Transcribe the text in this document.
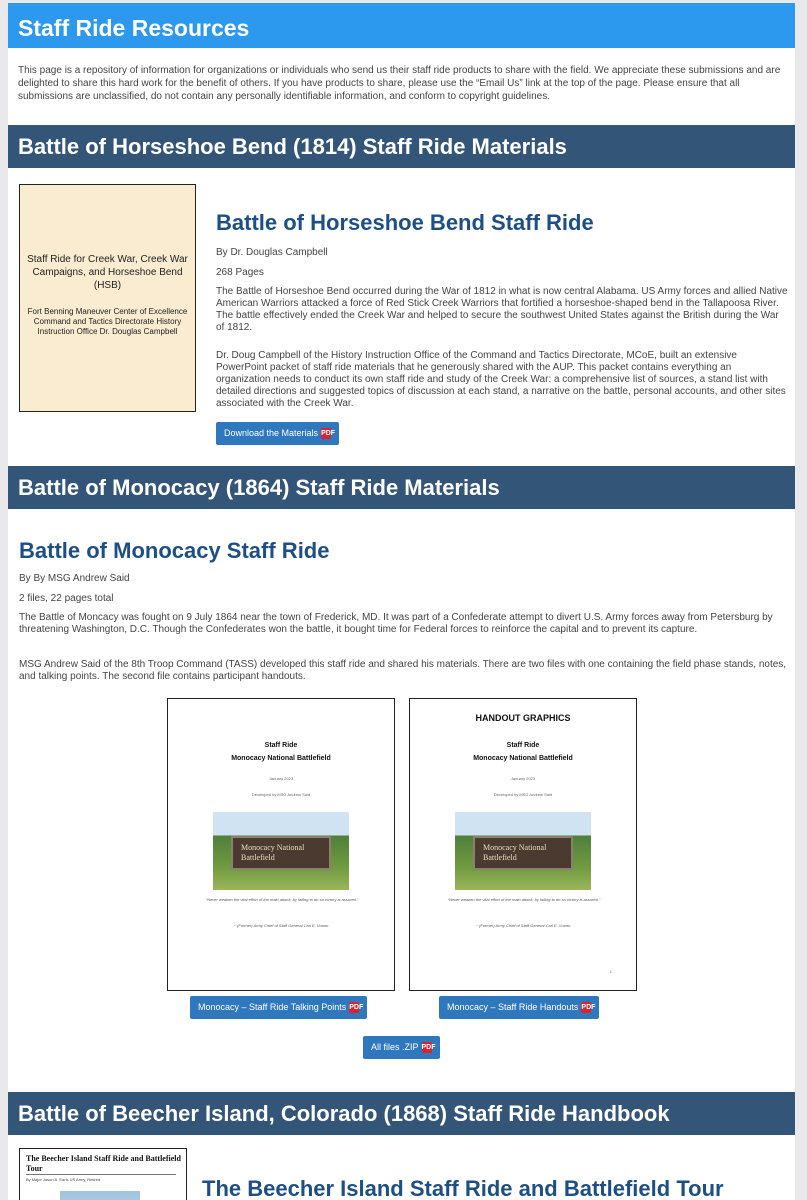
Staff Ride Resources

This page is a repository of information for organizations or individuals who send us their staff ride products to share with the field. We appreciate these submissions and are delighted to share this hard work for the benefit of others. If you have products to share, please use the “Email Us” link at the top of the page. Please ensure that all submissions are unclassified, do not contain any personally identifiable information, and conform to copyright guidelines.

Battle of Horseshoe Bend (1814) Staff Ride Materials
Staff Ride for Creek War, Creek War Campaigns, and Horseshoe Bend (HSB)
Fort Benning Maneuver Center of Excellence Command and Tactics Directorate History Instruction Office Dr. Douglas Campbell
Battle of Horseshoe Bend Staff Ride
By Dr. Douglas Campbell
268 Pages

The Battle of Horseshoe Bend occurred during the War of 1812 in what is now central Alabama. US Army forces and allied Native American Warriors attacked a force of Red Stick Creek Warriors that fortified a horseshoe-shaped bend in the Tallapoosa River. The battle effectively ended the Creek War and helped to secure the southwest United States against the British during the War of 1812.

Dr. Doug Campbell of the History Instruction Office of the Command and Tactics Directorate, MCoE, built an extensive PowerPoint packet of staff ride materials that he generously shared with the AUP. This packet contains everything an organization needs to conduct its own staff ride and study of the Creek War: a comprehensive list of sources, a stand list with detailed directions and suggested topics of discussion at each stand, a narrative on the battle, personal accounts, and other sites associated with the Creek War.

Download the Materials PDF
Battle of Monocacy (1864) Staff Ride Materials
Battle of Monocacy Staff Ride
By By MSG Andrew Said
2 files, 22 pages total

The Battle of Moncacy was fought on 9 July 1864 near the town of Frederick, MD. It was part of a Confederate attempt to divert U.S. Army forces away from Petersburg by threatening Washington, D.C. Though the Confederates won the battle, it bought time for Federal forces to reinforce the capital and to prevent its capture.

MSG Andrew Said of the 8th Troop Command (TASS) developed this staff ride and shared his materials. There are two files with one containing the field phase stands, notes, and talking points. The second file contains participant handouts.

Staff Ride
Monocacy National Battlefield
January 2023
Developed by MSG Andrew Said
Monocacy National Battlefield
“Never weaken the vital effort of the main attack; by failing to do so victory is assured.”
~ (Former) Army Chief of Staff General Carl E. Vuono
HANDOUT GRAPHICS
Staff Ride
Monocacy National Battlefield
January 2023
Developed by MSG Andrew Said
Monocacy National Battlefield
“Never weaken the vital effort of the main attack; by failing to do so victory is assured.”
~ (Former) Army Chief of Staff General Carl E. Vuono
1
Monocacy – Staff Ride Talking Points PDF	Monocacy – Staff Ride Handouts PDF
All files .ZIP PDF
Battle of Beecher Island, Colorado (1868) Staff Ride Handbook
The Beecher Island Staff Ride and Battlefield Tour
By Major Jason A. Earls US Army, Retired	The Beecher Island Staff Ride and Battlefield Tour
